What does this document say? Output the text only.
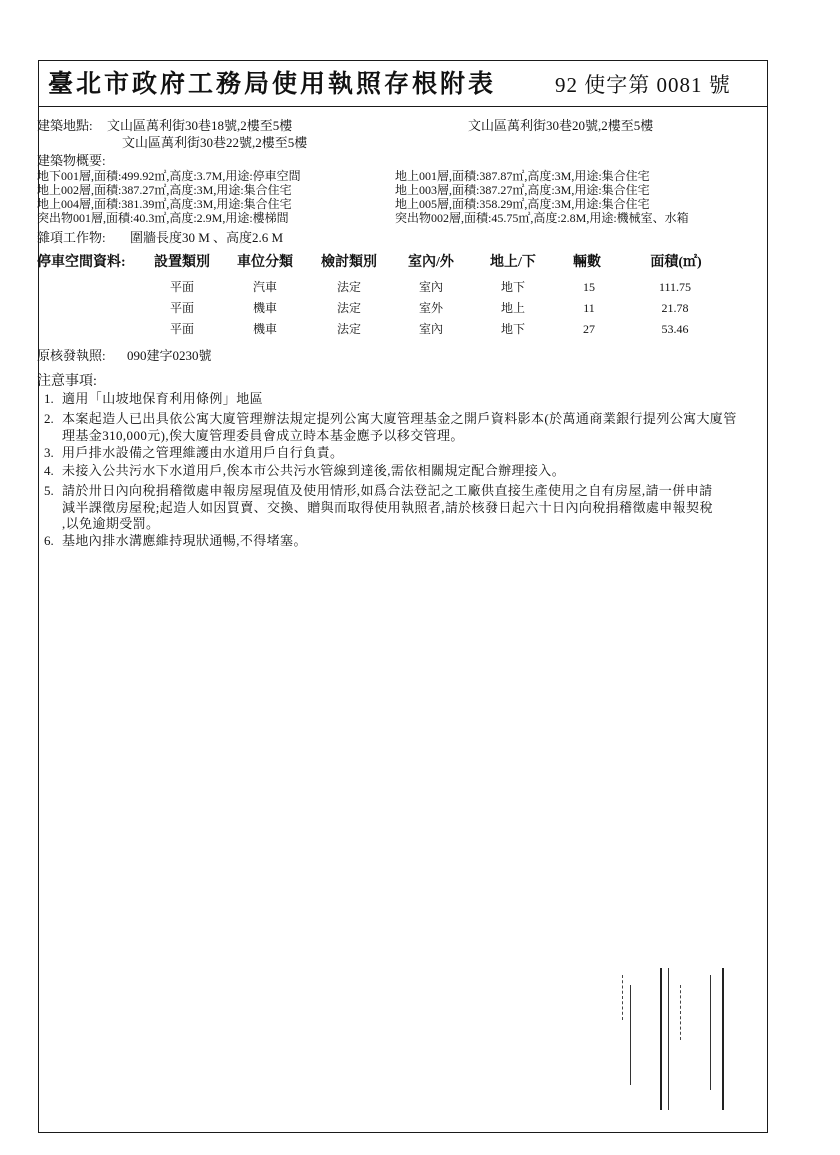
臺北市政府工務局使用執照存根附表	92 使字第 0081 號
建築地點: 文山區萬利街30巷18號,2樓至5樓	文山區萬利街30巷20號,2樓至5樓
文山區萬利街30巷22號,2樓至5樓
建築物概要:
地下001層,面積:499.92㎡,高度:3.7M,用途:停車空間	地上001層,面積:387.87㎡,高度:3M,用途:集合住宅
地上002層,面積:387.27㎡,高度:3M,用途:集合住宅	地上003層,面積:387.27㎡,高度:3M,用途:集合住宅
地上004層,面積:381.39㎡,高度:3M,用途:集合住宅	地上005層,面積:358.29㎡,高度:3M,用途:集合住宅
突出物001層,面積:40.3㎡,高度:2.9M,用途:樓梯間	突出物002層,面積:45.75㎡,高度:2.8M,用途:機械室、水箱
雜項工作物: 圍牆長度30 M 、高度2.6 M
停車空間資料:	設置類別	車位分類	檢討類別	室內/外	地上/下	輛數	面積(㎡)
平面	汽車	法定	室內	地下	15	111.75
平面	機車	法定	室外	地上	11	21.78
平面	機車	法定	室內	地下	27	53.46
原核發執照: 090建字0230號
注意事項:
1. 適用「山坡地保育利用條例」地區
2. 本案起造人已出具依公寓大廈管理辦法規定提列公寓大廈管理基金之開戶資料影本(於萬通商業銀行提列公寓大廈管
理基金310,000元),俟大廈管理委員會成立時本基金應予以移交管理。
3. 用戶排水設備之管理維護由水道用戶自行負責。
4. 未接入公共污水下水道用戶,俟本市公共污水管線到達後,需依相關規定配合辦理接入。
5. 請於卅日內向稅捐稽徵處申報房屋現值及使用情形,如爲合法登記之工廠供直接生產使用之自有房屋,請一併申請
減半課徵房屋稅;起造人如因買賣、交換、贈與而取得使用執照者,請於核發日起六十日內向稅捐稽徵處申報契稅
,以免逾期受罰。
6. 基地內排水溝應維持現狀通暢,不得堵塞。
